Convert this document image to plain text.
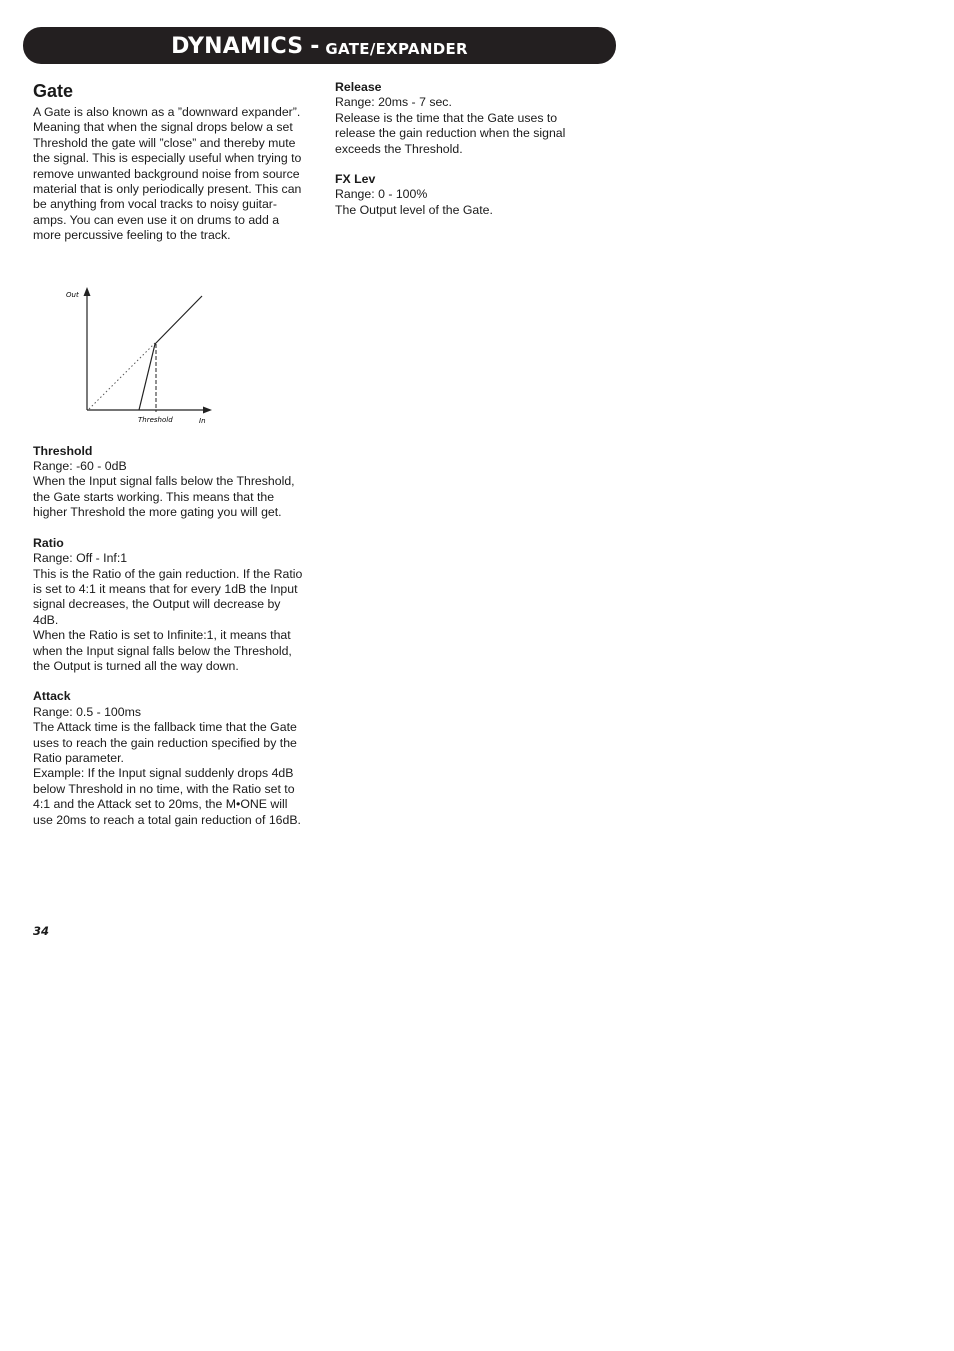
DYNAMICS - GATE/EXPANDER
Gate

A Gate is also known as a ”downward expander”. Meaning that when the signal drops below a set Threshold the gate will ”close” and thereby mute the signal. This is especially useful when trying to remove unwanted background noise from source material that is only periodically present. This can be anything from vocal tracks to noisy guitar-amps. You can even use it on drums to add a more percussive feeling to the track.

Threshold
Range: -60 - 0dB
When the Input signal falls below the Threshold, the Gate starts working. This means that the higher Threshold the more gating you will get.
Ratio
Range: Off - Inf:1
This is the Ratio of the gain reduction. If the Ratio is set to 4:1 it means that for every 1dB the Input signal decreases, the Output will decrease by 4dB.
When the Ratio is set to Infinite:1, it means that when the Input signal falls below the Threshold, the Output is turned all the way down.
Attack
Range: 0.5 - 100ms
The Attack time is the fallback time that the Gate uses to reach the gain reduction specified by the Ratio parameter.
Example: If the Input signal suddenly drops 4dB below Threshold in no time, with the Ratio set to 4:1 and the Attack set to 20ms, the M•ONE will use 20ms to reach a total gain reduction of 16dB.
Out
Threshold	In
Release
Range: 20ms - 7 sec.
Release is the time that the Gate uses to release the gain reduction when the signal exceeds the Threshold.
FX Lev
Range: 0 - 100%
The Output level of the Gate.
34
